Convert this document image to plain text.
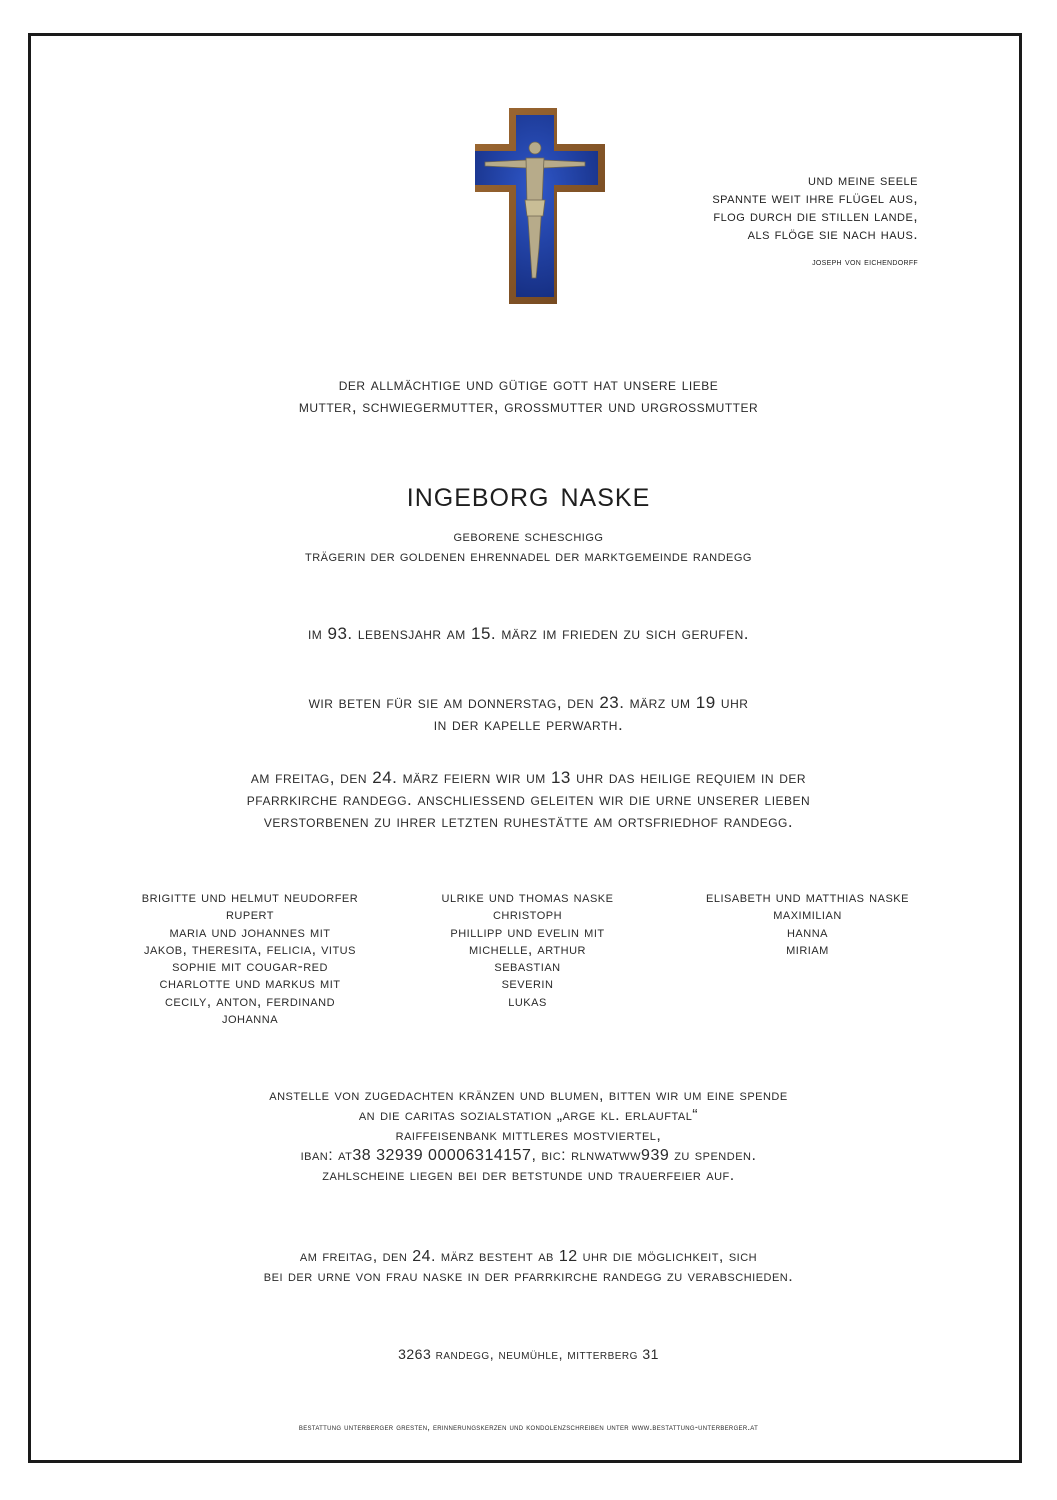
und meine seele
spannte weit ihre flügel aus,
flog durch die stillen lande,
als flöge sie nach haus.
joseph von eichendorff
der allmächtige und gütige gott hat unsere liebe
mutter, schwiegermutter, grossmutter und urgrossmutter
ingeborg naske
geborene scheschigg
trägerin der goldenen ehrennadel der marktgemeinde randegg
im 93. lebensjahr am 15. märz im frieden zu sich gerufen.
wir beten für sie am donnerstag, den 23. märz um 19 uhr
in der kapelle perwarth.
am freitag, den 24. märz feiern wir um 13 uhr das heilige requiem in der
pfarrkirche randegg. anschliessend geleiten wir die urne unserer lieben
verstorbenen zu ihrer letzten ruhestätte am ortsfriedhof randegg.
brigitte und helmut neudorfer
rupert
maria und johannes mit
jakob, theresita, felicia, vitus
sophie mit cougar-red
charlotte und markus mit
cecily, anton, ferdinand
johanna
ulrike und thomas naske
christoph
phillipp und evelin mit
michelle, arthur
sebastian
severin
lukas
elisabeth und matthias naske
maximilian
hanna
miriam
anstelle von zugedachten kränzen und blumen, bitten wir um eine spende
an die caritas sozialstation „arge kl. erlauftal“
raiffeisenbank mittleres mostviertel,
iban: at38 32939 00006314157, bic: rlnwatww939 zu spenden.
zahlscheine liegen bei der betstunde und trauerfeier auf.
am freitag, den 24. märz besteht ab 12 uhr die möglichkeit, sich
bei der urne von frau naske in der pfarrkirche randegg zu verabschieden.
3263 randegg, neumühle, mitterberg 31
bestattung unterberger gresten, erinnerungskerzen und kondolenzschreiben unter www.bestattung-unterberger.at
